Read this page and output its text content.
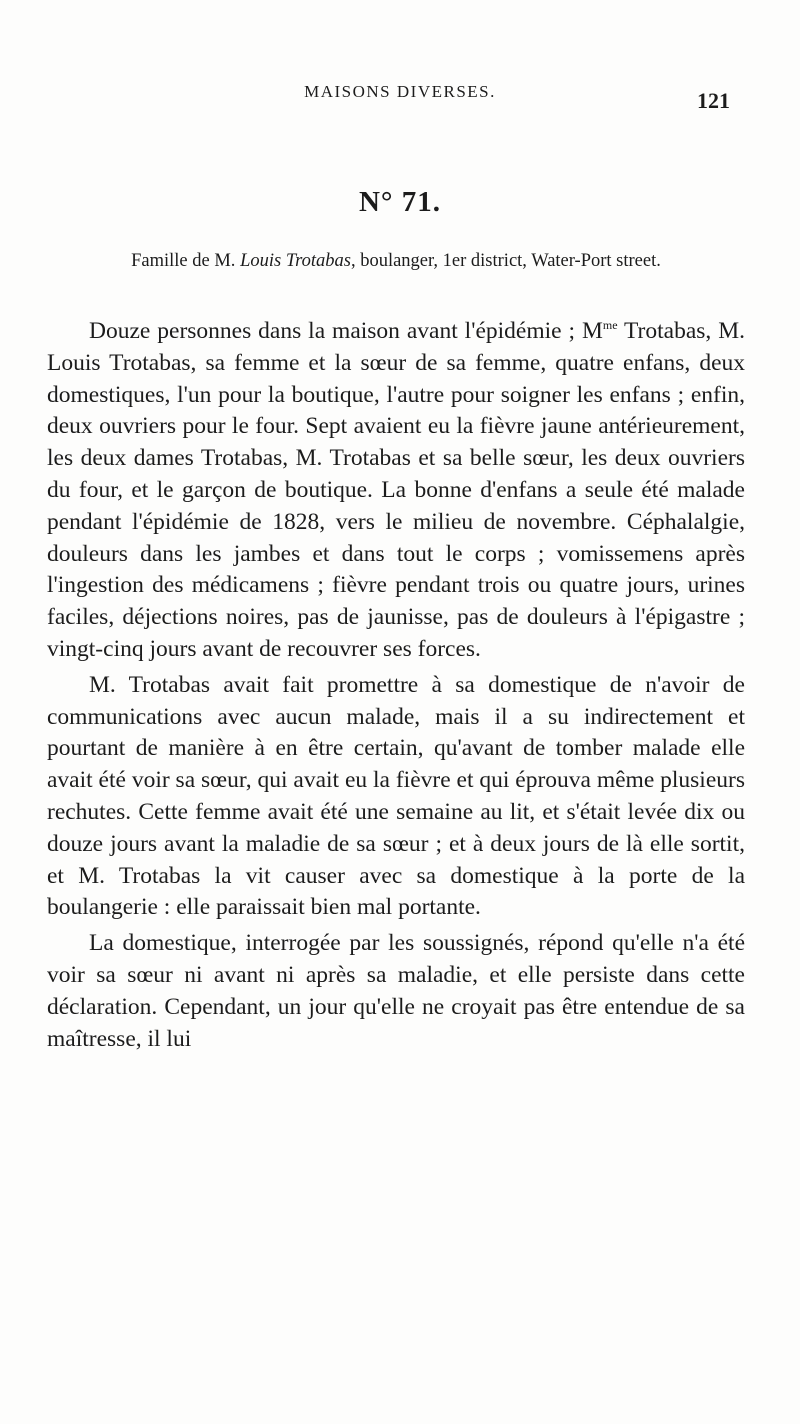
MAISONS DIVERSES.	121
N° 71.
Famille de M. Louis Trotabas, boulanger, 1er district, Water-Port street.

Douze personnes dans la maison avant l'épidémie ; $M^{me}$ Trotabas, M. Louis Trotabas, sa femme et la sœur de sa femme, quatre enfans, deux domestiques, l'un pour la boutique, l'autre pour soigner les enfans ; enfin, deux ouvriers pour le four. Sept avaient eu la fièvre jaune antérieurement, les deux dames Trotabas, M. Trotabas et sa belle sœur, les deux ouvriers du four, et le garçon de boutique. La bonne d'enfans a seule été malade pendant l'épidémie de 1828, vers le milieu de novembre. Céphalalgie, douleurs dans les jambes et dans tout le corps ; vomissemens après l'ingestion des médicamens ; fièvre pendant trois ou quatre jours, urines faciles, déjections noires, pas de jaunisse, pas de douleurs à l'épigastre ; vingt-cinq jours avant de recouvrer ses forces.

M. Trotabas avait fait promettre à sa domestique de n'avoir de communications avec aucun malade, mais il a su indirectement et pourtant de manière à en être certain, qu'avant de tomber malade elle avait été voir sa sœur, qui avait eu la fièvre et qui éprouva même plusieurs rechutes. Cette femme avait été une semaine au lit, et s'était levée dix ou douze jours avant la maladie de sa sœur ; et à deux jours de là elle sortit, et M. Trotabas la vit causer avec sa domestique à la porte de la boulangerie : elle paraissait bien mal portante.

La domestique, interrogée par les soussignés, répond qu'elle n'a été voir sa sœur ni avant ni après sa maladie, et elle persiste dans cette déclaration. Cependant, un jour qu'elle ne croyait pas être entendue de sa maîtresse, il lui
